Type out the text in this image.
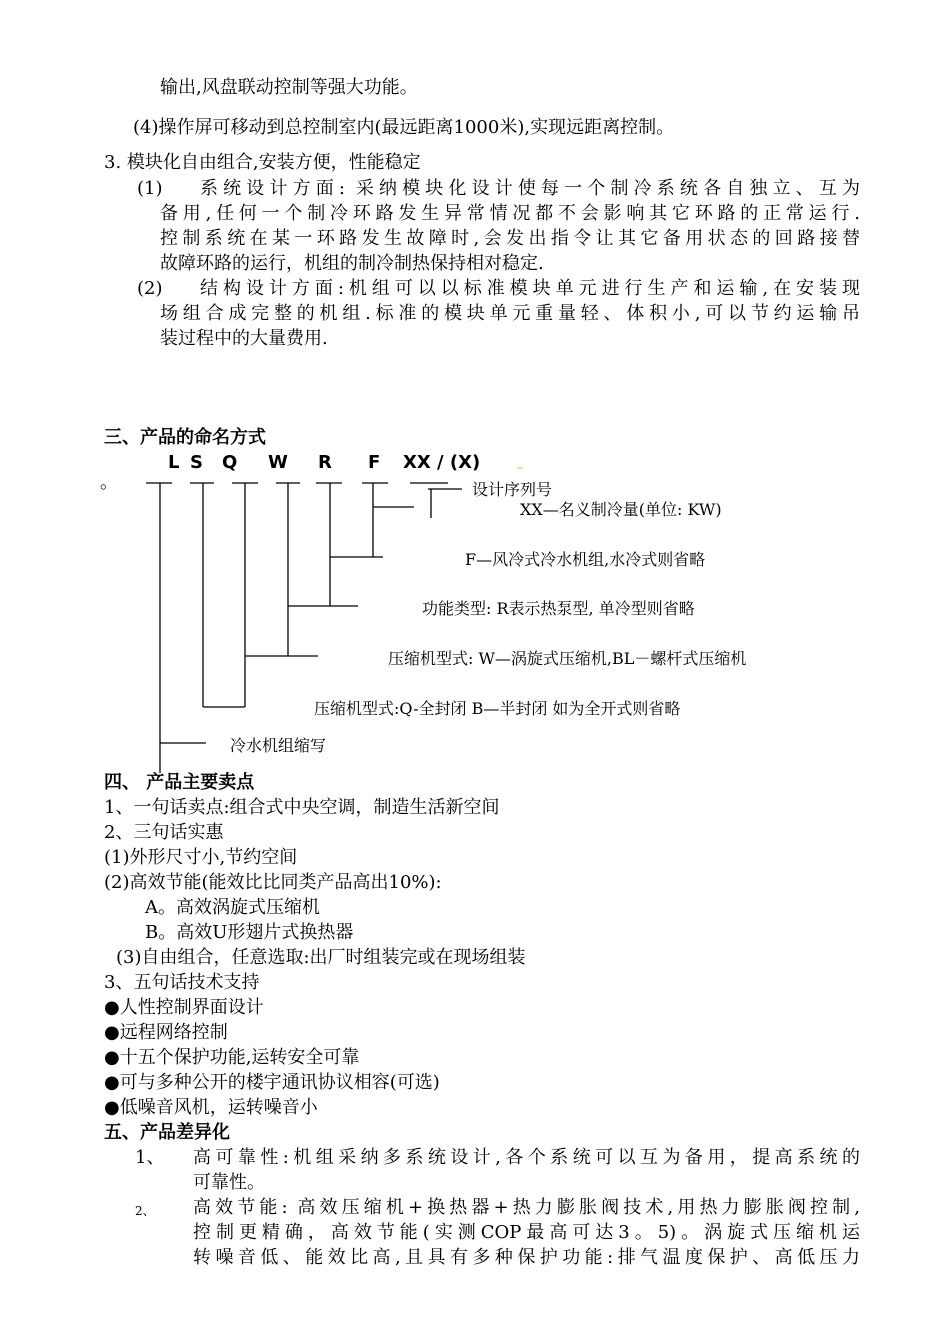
输出,风盘联动控制等强大功能。
(4)操作屏可移动到总控制室内(最远距离1000米),实现远距离控制。
3. 模块化自由组合,安装方便，性能稳定
(1) 系统设计方面: 采纳模块化设计使每一个制冷系统各自独立、互为
备用,任何一个制冷环路发生异常情况都不会影响其它环路的正常运行.
控制系统在某一环路发生故障时,会发出指令让其它备用状态的回路接替
故障环路的运行，机组的制冷制热保持相对稳定.
(2) 结构设计方面:机组可以以标准模块单元进行生产和运输,在安装现
场组合成完整的机组.标准的模块单元重量轻、体积小,可以节约运输吊
装过程中的大量费用.
三、产品的命名方式
L S Q W R F XX / (X)
。	设计序列号
XX—名义制冷量(单位: KW)
F—风冷式冷水机组,水冷式则省略
功能类型: R表示热泵型, 单冷型则省略
压缩机型式: W—涡旋式压缩机,BL－螺杆式压缩机
压缩机型式:Q-全封闭 B—半封闭 如为全开式则省略
冷水机组缩写
四、 产品主要卖点
1、一句话卖点:组合式中央空调，制造生活新空间
2、三句话实惠
(1)外形尺寸小,节约空间
(2)高效节能(能效比比同类产品高出10%):
A。高效涡旋式压缩机
B。高效U形翅片式换热器
(3)自由组合，任意选取:出厂时组装完或在现场组装
3、五句话技术支持
●人性控制界面设计
●远程网络控制
●十五个保护功能,运转安全可靠
●可与多种公开的楼宇通讯协议相容(可选)
●低噪音风机，运转噪音小
五、产品差异化
1、 高可靠性:机组采纳多系统设计,各个系统可以互为备用，提高系统的
可靠性。
2、 高效节能: 高效压缩机+换热器+热力膨胀阀技术,用热力膨胀阀控制,
控制更精确，高效节能(实测COP最高可达3。5)。涡旋式压缩机运
转噪音低、能效比高,且具有多种保护功能:排气温度保护、高低压力
